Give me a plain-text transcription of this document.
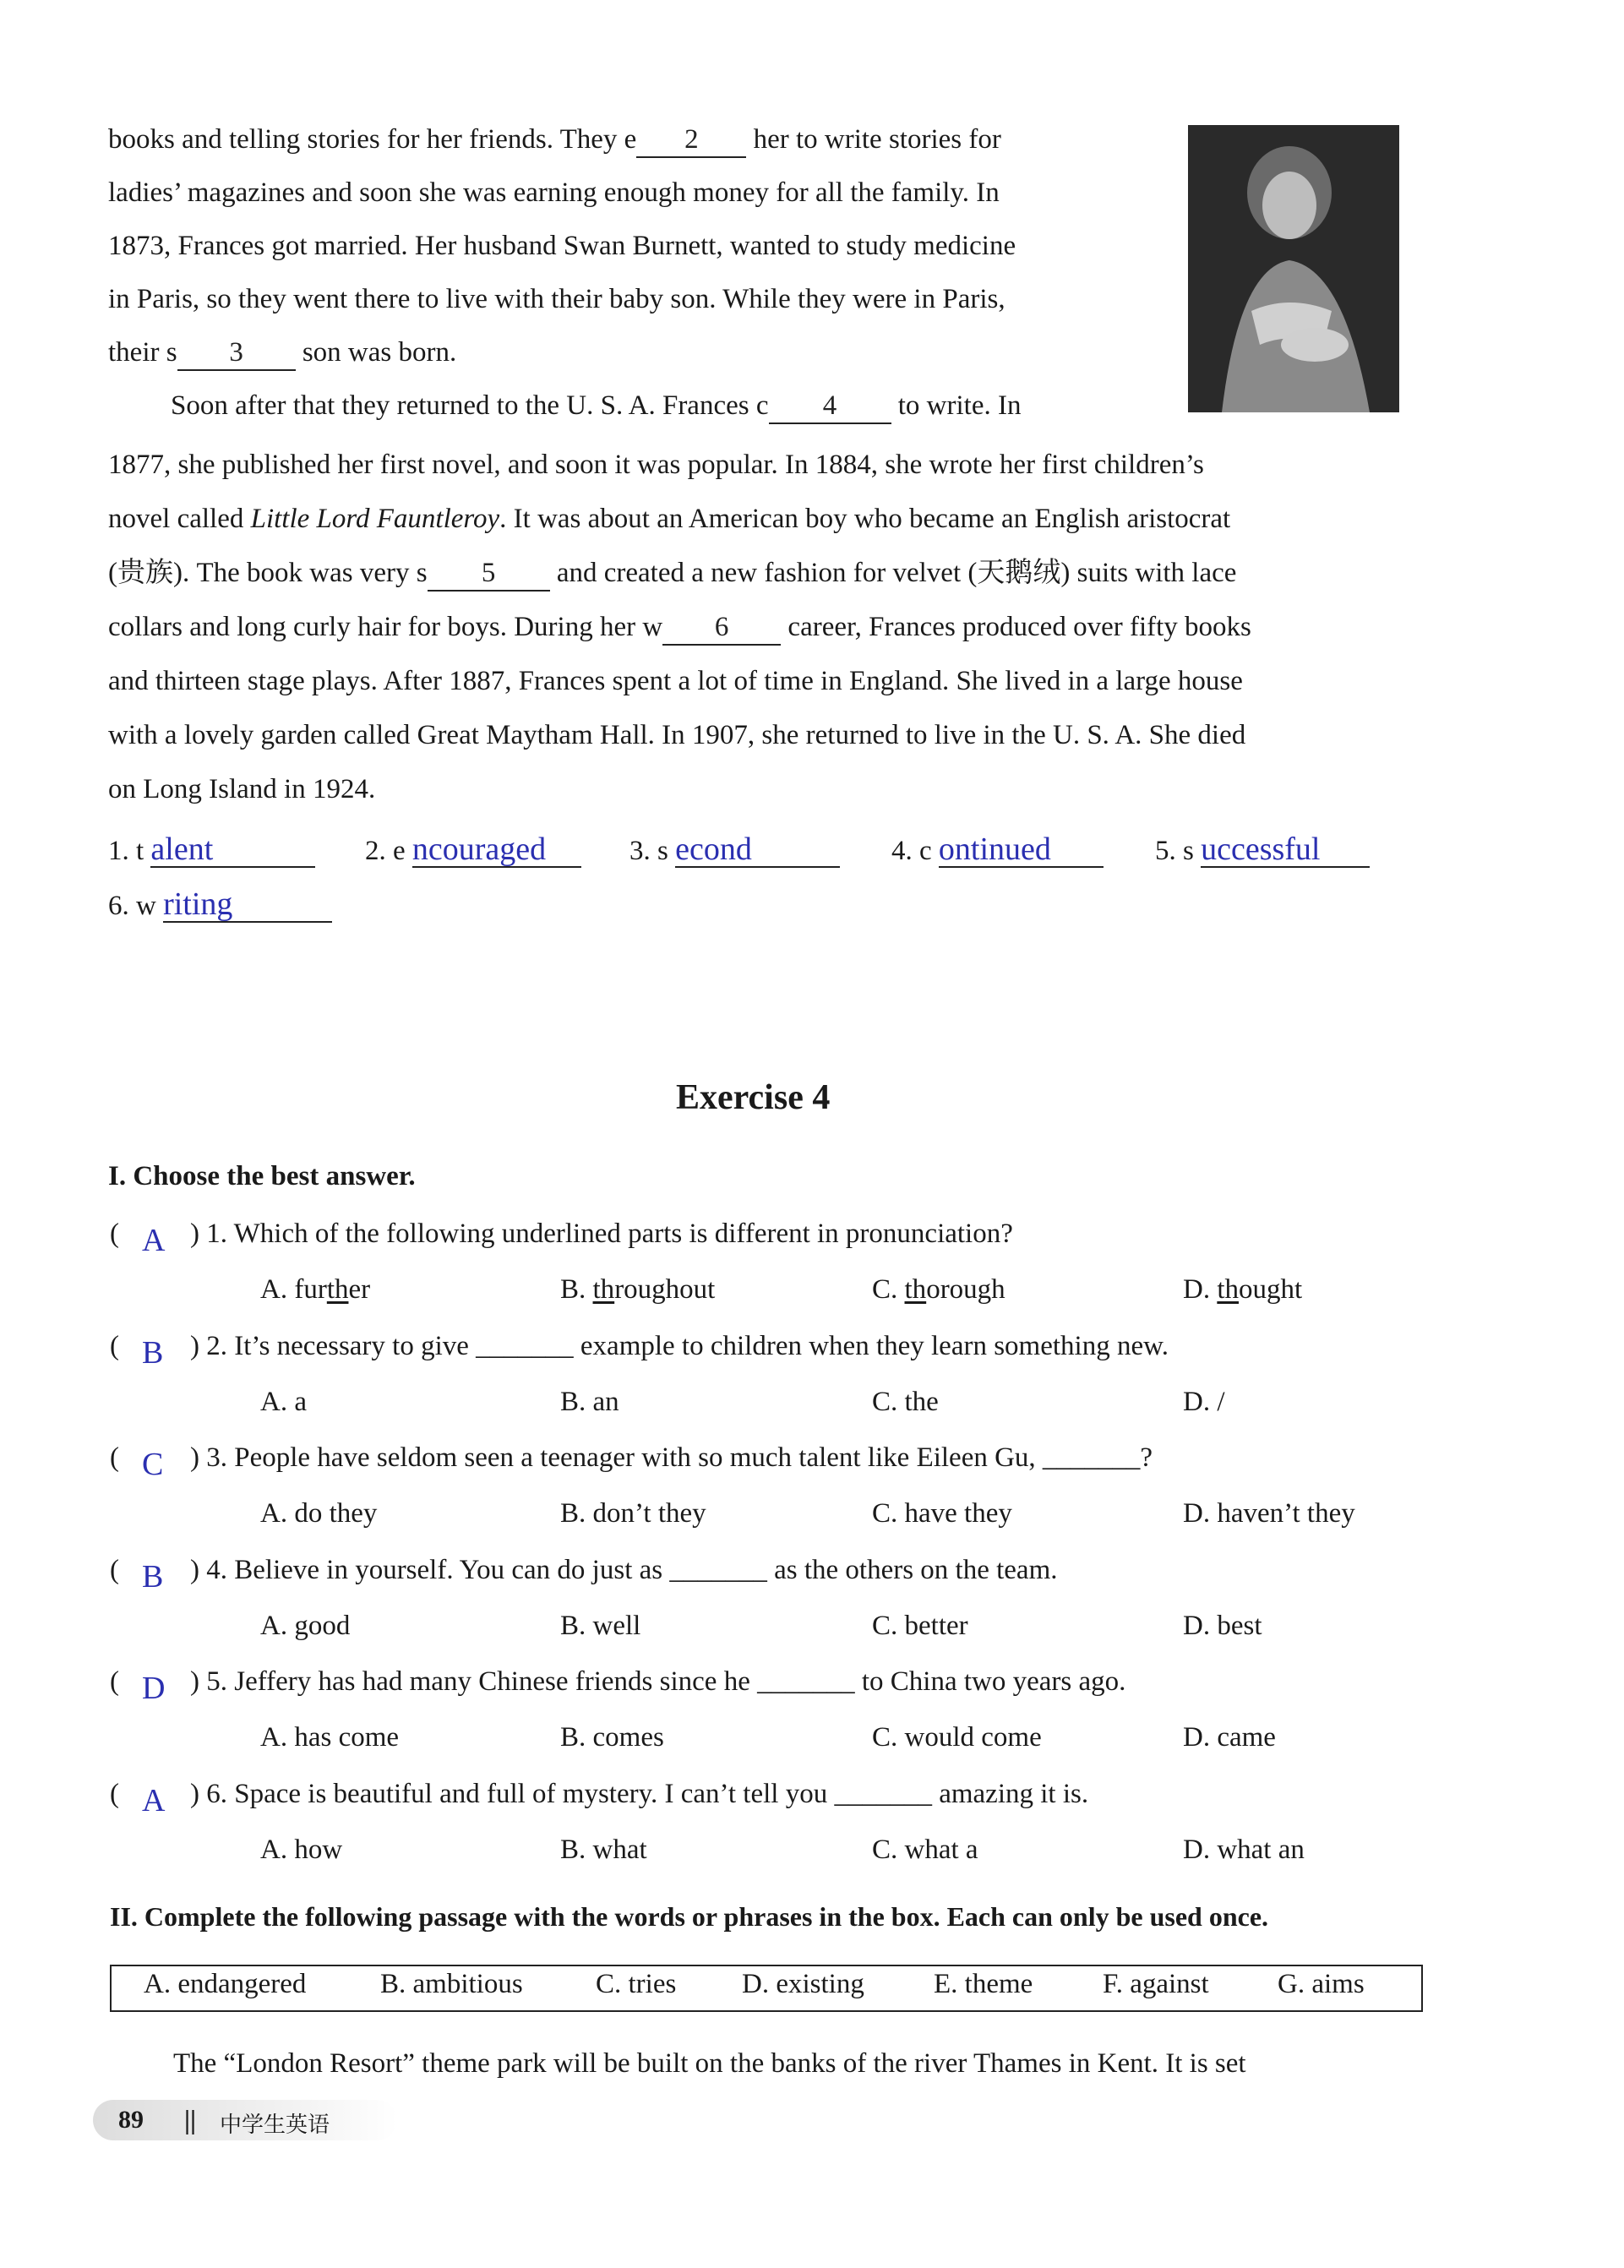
books and telling stories for her friends. They e 2 her to write stories for
ladies’ magazines and soon she was earning enough money for all the family. In
1873, Frances got married. Her husband Swan Burnett, wanted to study medicine
in Paris, so they went there to live with their baby son. While they were in Paris,
their s 3 son was born.
Soon after that they returned to the U. S. A. Frances c 4 to write. In
1877, she published her first novel, and soon it was popular. In 1884, she wrote her first children’s
novel called Little Lord Fauntleroy. It was about an American boy who became an English aristocrat
(贵族). The book was very s 5 and created a new fashion for velvet (天鹅绒) suits with lace
collars and long curly hair for boys. During her w 6 career, Frances produced over fifty books
and thirteen stage plays. After 1887, Frances spent a lot of time in England. She lived in a large house
with a lovely garden called Great Maytham Hall. In 1907, she returned to live in the U. S. A. She died
on Long Island in 1924.
1. t alent	2. e ncouraged	3. s econd	4. c ontinued	5. s uccessful
6. w riting
Exercise 4
I. Choose the best answer.
( A ) 1. Which of the following underlined parts is different in pronunciation?
A. further	B. throughout	C. thorough	D. thought
( B ) 2. It’s necessary to give _______ example to children when they learn something new.
A. a	B. an	C. the	D. /
( C ) 3. People have seldom seen a teenager with so much talent like Eileen Gu, _______?
A. do they	B. don’t they	C. have they	D. haven’t they
( B ) 4. Believe in yourself. You can do just as _______ as the others on the team.
A. good	B. well	C. better	D. best
( D ) 5. Jeffery has had many Chinese friends since he _______ to China two years ago.
A. has come	B. comes	C. would come	D. came
( A ) 6. Space is beautiful and full of mystery. I can’t tell you _______ amazing it is.
A. how	B. what	C. what a	D. what an
II. Complete the following passage with the words or phrases in the box. Each can only be used once.
A. endangered	B. ambitious	C. tries D. existing E. theme	F. against G. aims
The “London Resort” theme park will be built on the banks of the river Thames in Kent. It is set
89 || 中学生英语
